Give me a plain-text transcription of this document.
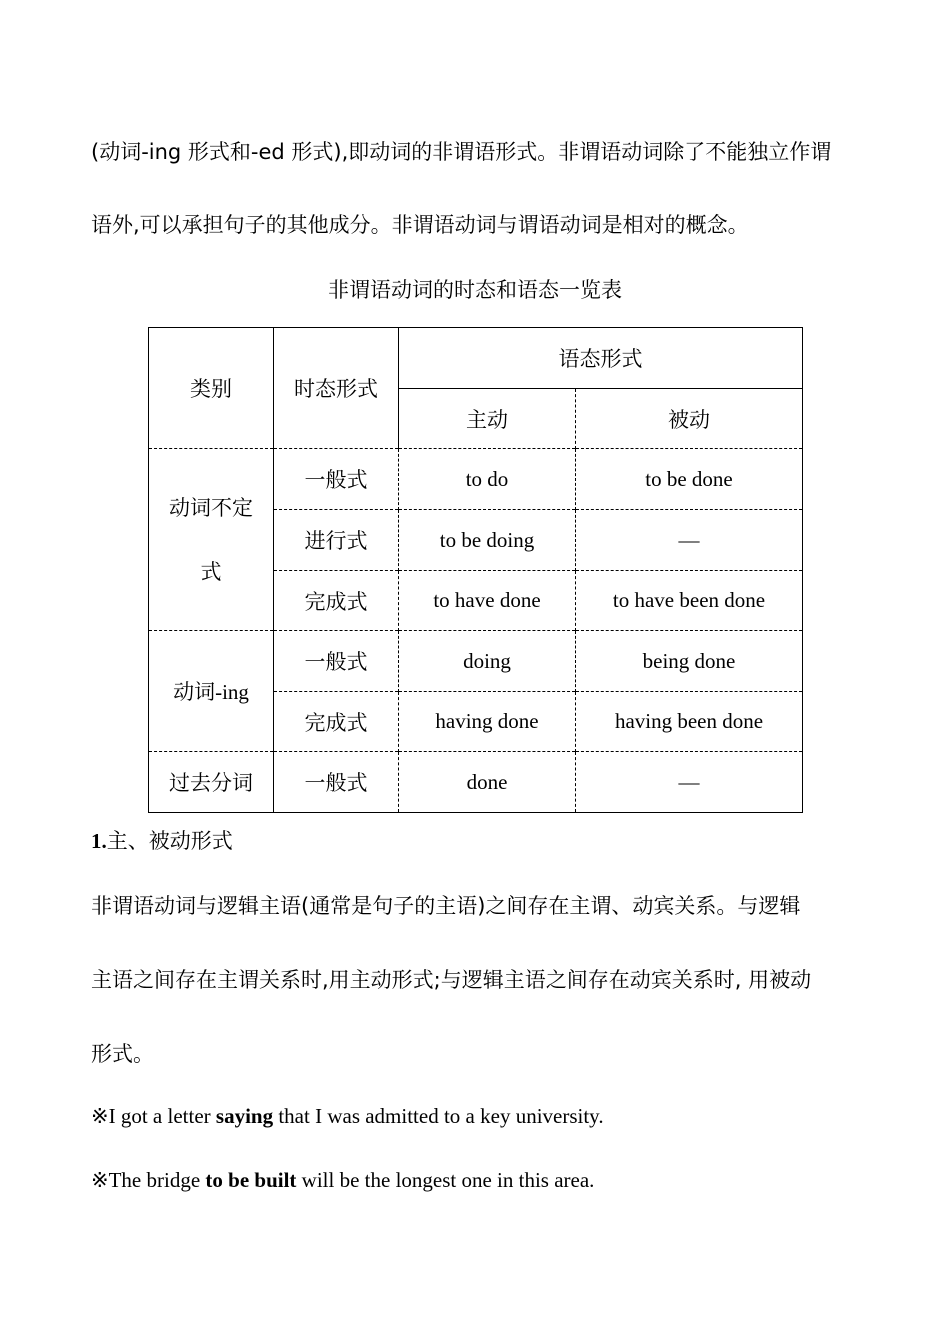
(动词-ing 形式和-ed 形式),即动词的非谓语形式。非谓语动词除了不能独立作谓
语外,可以承担句子的其他成分。非谓语动词与谓语动词是相对的概念。
非谓语动词的时态和语态一览表
类别	时态形式	语态形式	
		主动	被动

动词不定
式	一般式	to do	to be done
	进行式	to be doing	—
	完成式	to have done	to have been done
动词-ing	一般式	doing	being done
	完成式	having done	having been done
过去分词	一般式	done	—
1.主、被动形式
非谓语动词与逻辑主语(通常是句子的主语)之间存在主谓、动宾关系。与逻辑
主语之间存在主谓关系时,用主动形式;与逻辑主语之间存在动宾关系时, 用被动
形式。
※I got a letter saying that I was admitted to a key university.
※The bridge to be built will be the longest one in this area.
